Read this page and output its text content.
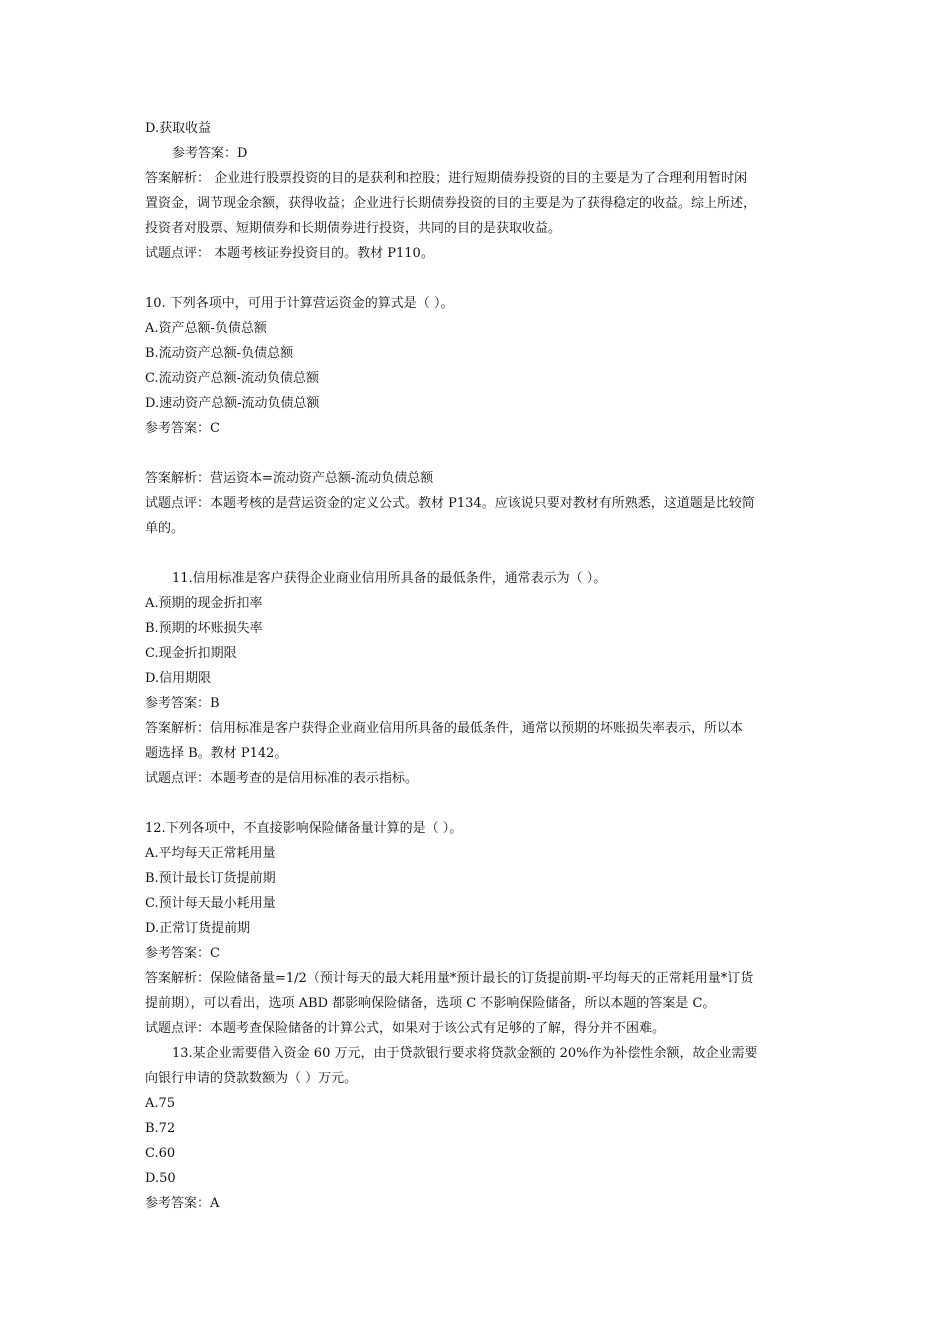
D.获取收益
参考答案：D
答案解析： 企业进行股票投资的目的是获利和控股；进行短期债券投资的目的主要是为了合理利用暂时闲
置资金，调节现金余额，获得收益；企业进行长期债券投资的目的主要是为了获得稳定的收益。综上所述，
投资者对股票、短期债券和长期债券进行投资，共同的目的是获取收益。
试题点评： 本题考核证券投资目的。教材 P110。
10. 下列各项中，可用于计算营运资金的算式是（ ）。
A.资产总额-负债总额
B.流动资产总额-负债总额
C.流动资产总额-流动负债总额
D.速动资产总额-流动负债总额
参考答案：C
答案解析：营运资本=流动资产总额-流动负债总额
试题点评：本题考核的是营运资金的定义公式。教材 P134。应该说只要对教材有所熟悉，这道题是比较简
单的。
11.信用标准是客户获得企业商业信用所具备的最低条件，通常表示为（ ）。
A.预期的现金折扣率
B.预期的坏账损失率
C.现金折扣期限
D.信用期限
参考答案：B
答案解析：信用标准是客户获得企业商业信用所具备的最低条件，通常以预期的坏账损失率表示，所以本
题选择 B。教材 P142。
试题点评：本题考查的是信用标准的表示指标。
12.下列各项中，不直接影响保险储备量计算的是（ ）。
A.平均每天正常耗用量
B.预计最长订货提前期
C.预计每天最小耗用量
D.正常订货提前期
参考答案：C
答案解析：保险储备量=1/2（预计每天的最大耗用量*预计最长的订货提前期-平均每天的正常耗用量*订货
提前期），可以看出，选项 ABD 都影响保险储备，选项 C 不影响保险储备，所以本题的答案是 C。
试题点评：本题考查保险储备的计算公式，如果对于该公式有足够的了解，得分并不困难。
13.某企业需要借入资金 60 万元，由于贷款银行要求将贷款金额的 20%作为补偿性余额，故企业需要
向银行申请的贷款数额为（ ）万元。
A.75
B.72
C.60
D.50
参考答案：A
